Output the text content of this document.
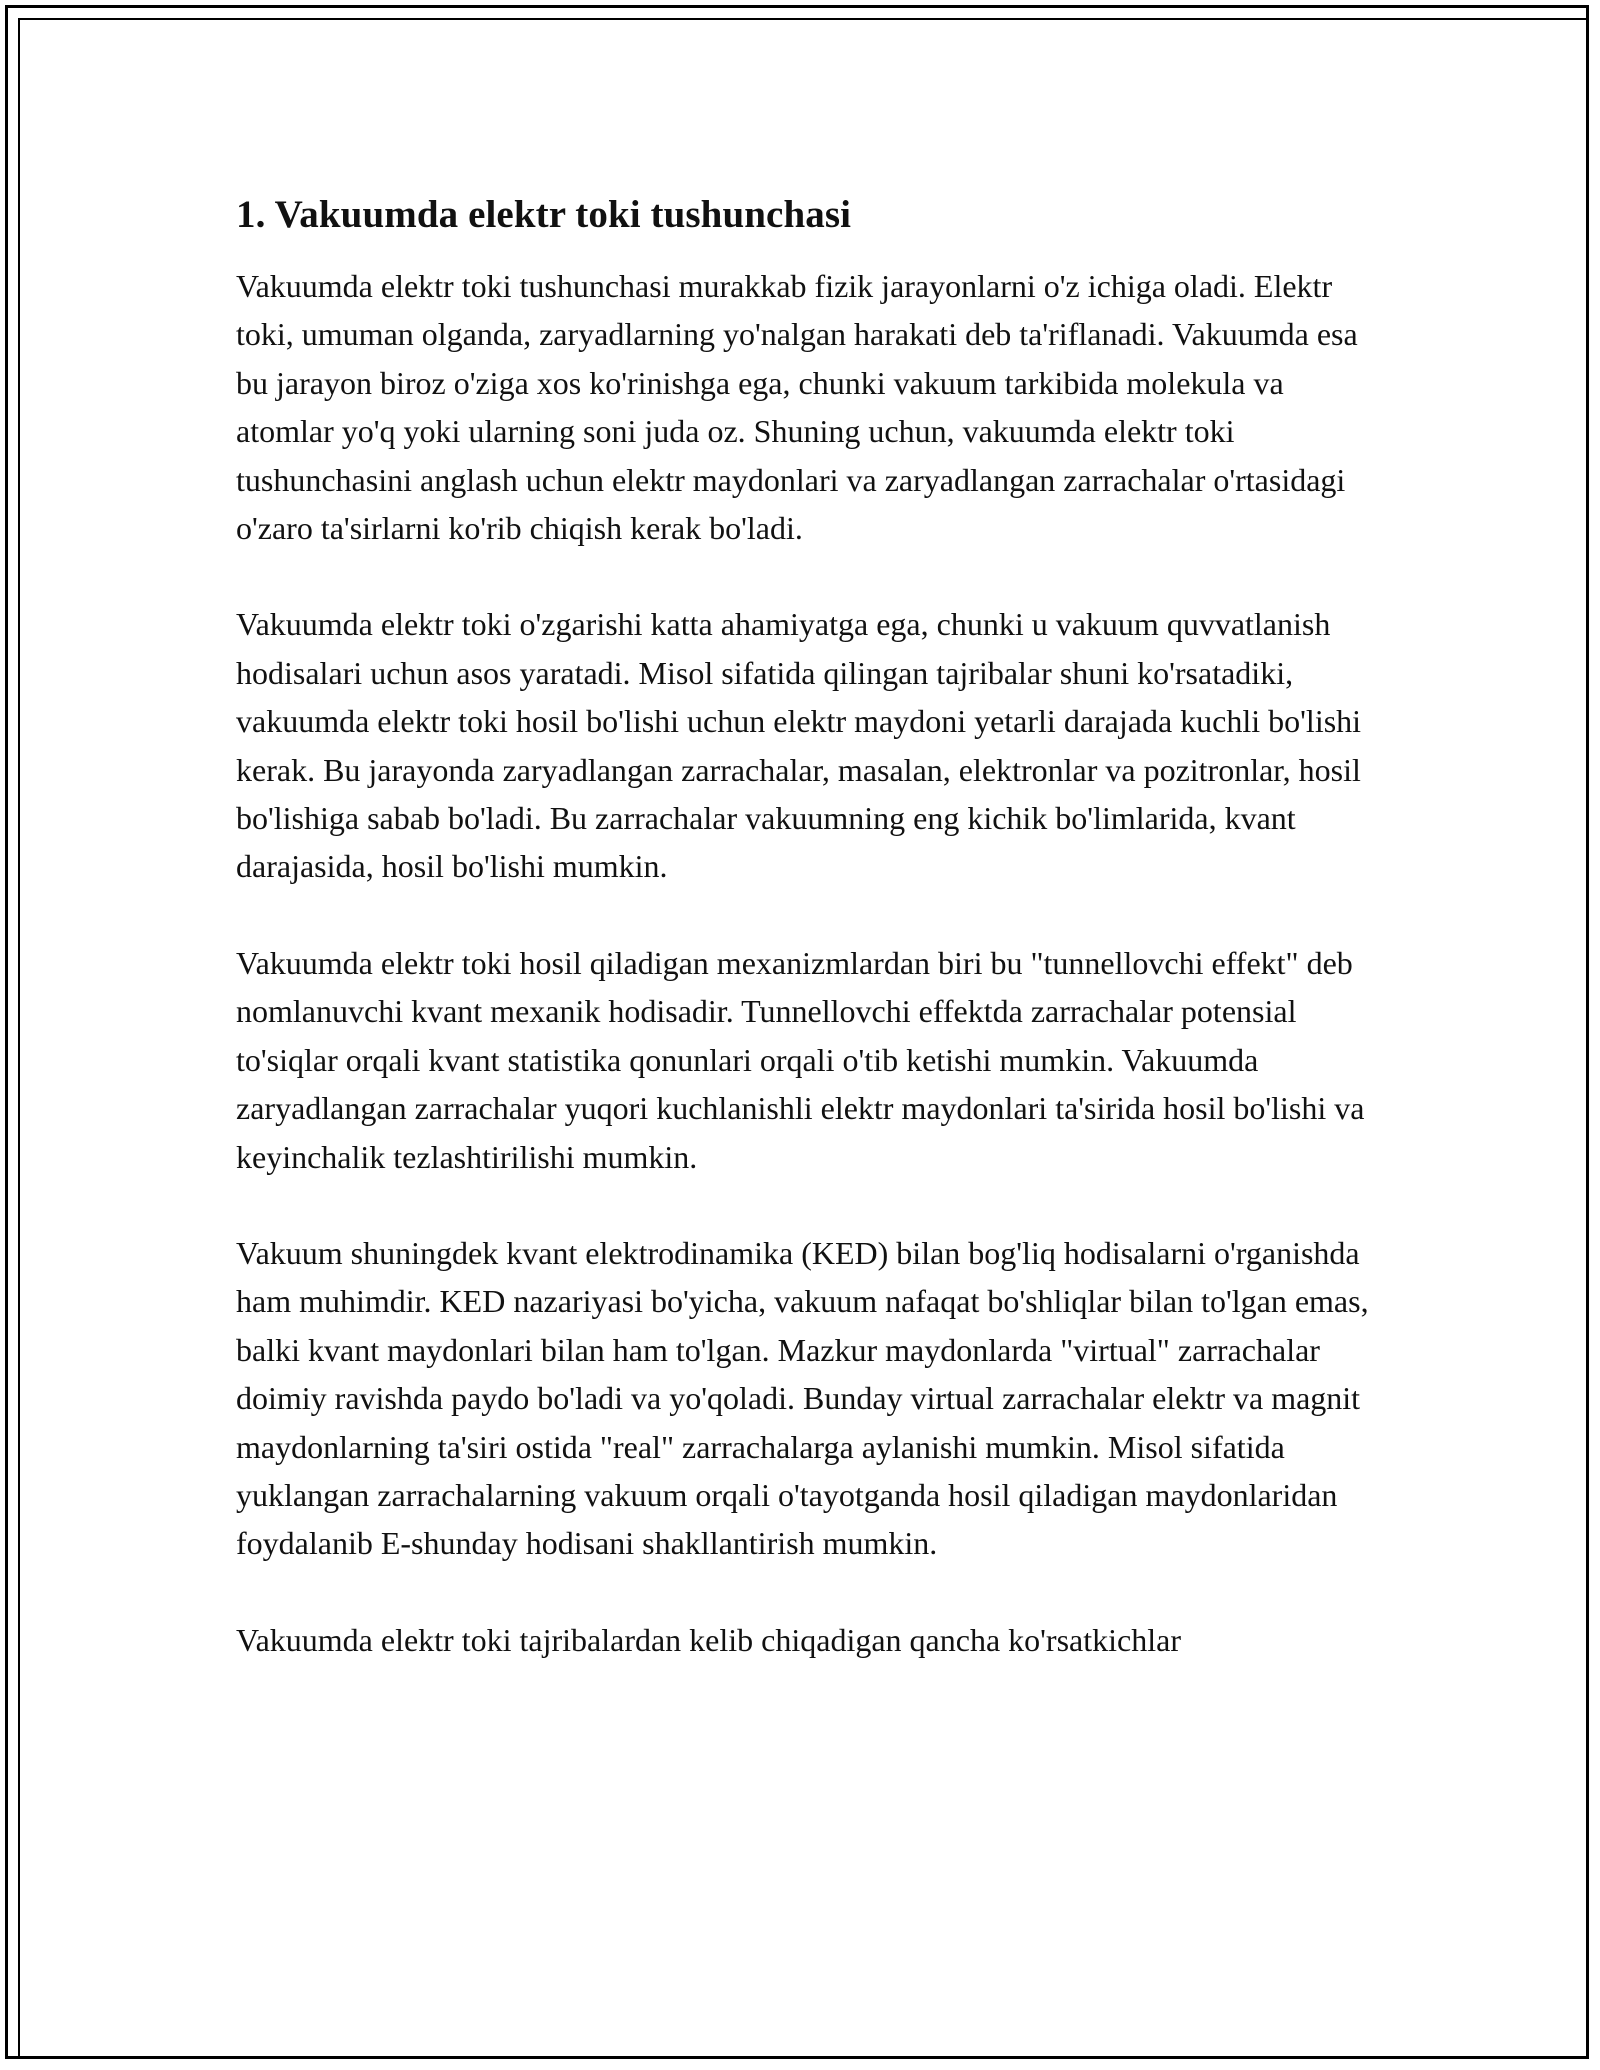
1. Vakuumda elektr toki tushunchasi

Vakuumda elektr toki tushunchasi murakkab fizik jarayonlarni o'z ichiga oladi. Elektr toki, umuman olganda, zaryadlarning yo'nalgan harakati deb ta'riflanadi. Vakuumda esa bu jarayon biroz o'ziga xos ko'rinishga ega, chunki vakuum tarkibida molekula va atomlar yo'q yoki ularning soni juda oz. Shuning uchun, vakuumda elektr toki tushunchasini anglash uchun elektr maydonlari va zaryadlangan zarrachalar o'rtasidagi o'zaro ta'sirlarni ko'rib chiqish kerak bo'ladi.

Vakuumda elektr toki o'zgarishi katta ahamiyatga ega, chunki u vakuum quvvatlanish hodisalari uchun asos yaratadi. Misol sifatida qilingan tajribalar shuni ko'rsatadiki, vakuumda elektr toki hosil bo'lishi uchun elektr maydoni yetarli darajada kuchli bo'lishi kerak. Bu jarayonda zaryadlangan zarrachalar, masalan, elektronlar va pozitronlar, hosil bo'lishiga sabab bo'ladi. Bu zarrachalar vakuumning eng kichik bo'limlarida, kvant darajasida, hosil bo'lishi mumkin.

Vakuumda elektr toki hosil qiladigan mexanizmlardan biri bu "tunnellovchi effekt" deb nomlanuvchi kvant mexanik hodisadir. Tunnellovchi effektda zarrachalar potensial to'siqlar orqali kvant statistika qonunlari orqali o'tib ketishi mumkin. Vakuumda zaryadlangan zarrachalar yuqori kuchlanishli elektr maydonlari ta'sirida hosil bo'lishi va keyinchalik tezlashtirilishi mumkin.

Vakuum shuningdek kvant elektrodinamika (KED) bilan bog'liq hodisalarni o'rganishda ham muhimdir. KED nazariyasi bo'yicha, vakuum nafaqat bo'shliqlar bilan to'lgan emas, balki kvant maydonlari bilan ham to'lgan. Mazkur maydonlarda "virtual" zarrachalar doimiy ravishda paydo bo'ladi va yo'qoladi. Bunday virtual zarrachalar elektr va magnit maydonlarning ta'siri ostida "real" zarrachalarga aylanishi mumkin. Misol sifatida yuklangan zarrachalarning vakuum orqali o'tayotganda hosil qiladigan maydonlaridan foydalanib E-shunday hodisani shakllantirish mumkin.

Vakuumda elektr toki tajribalardan kelib chiqadigan qancha ko'rsatkichlar
